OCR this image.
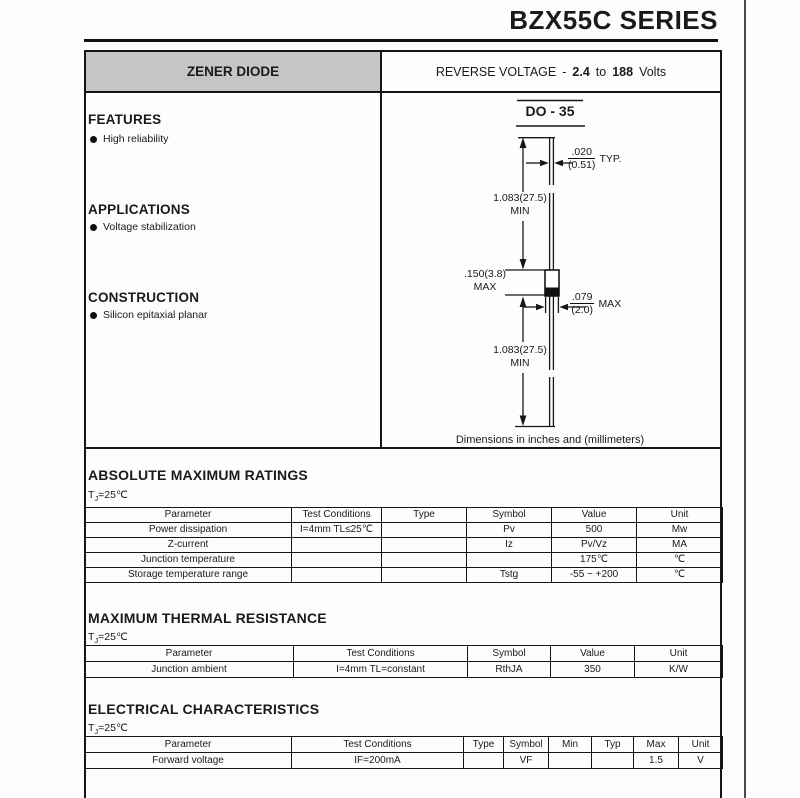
BZX55C SERIES
ZENER DIODE	REVERSE VOLTAGE - 2.4 to 188 Volts
FEATURES
High reliability
APPLICATIONS
Voltage stabilization
CONSTRUCTION
Silicon epitaxial planar
DO - 35
$\frac{.020}{(0.51)}$ TYP.
1.083(27.5)
MIN
.150(3.8)
MAX
$\frac{.079}{(2.0)}$ MAX
1.083(27.5)
MIN
Dimensions in inches and (millimeters)
ABSOLUTE MAXIMUM RATINGS
$T_J=25℃$
Parameter	Test Conditions	Type	Symbol	Value	Unit
Power dissipation	I=4mm TL≤25℃		Pv	500	Mw
Z-current			Iz	Pv/Vz	MA
Junction temperature				175℃	℃
Storage temperature range			Tstg	-55 ~ +200	℃
MAXIMUM THERMAL RESISTANCE
$T_J=25℃$
Parameter	Test Conditions	Symbol	Value	Unit
Junction ambient	I=4mm TL=constant	RthJA	350	K/W
ELECTRICAL CHARACTERISTICS
$T_J=25℃$
Parameter	Test Conditions	Type	Symbol	Min	Typ	Max	Unit
Forward voltage	IF=200mA		VF			1.5	V
